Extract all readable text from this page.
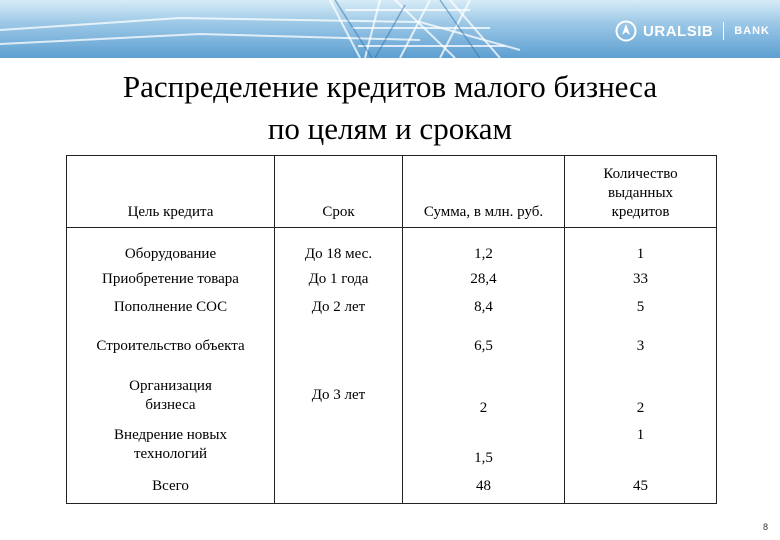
URALSIB BANK
Распределение кредитов малого бизнеса
по целям и срокам
Цель кредита	Срок	Сумма, в млн. руб.	Количество
выданных
кредитов

Оборудование	До 18 мес.	1,2	1
Приобретение товара	До 1 года	28,4	33
Пополнение СОС	До 2 лет	8,4	5
Строительство объекта	До 3 лет	6,5	3

Организация
бизнеса		2	2

Внедрение новых
технологий		1,5	1
Всего		48	45
8
